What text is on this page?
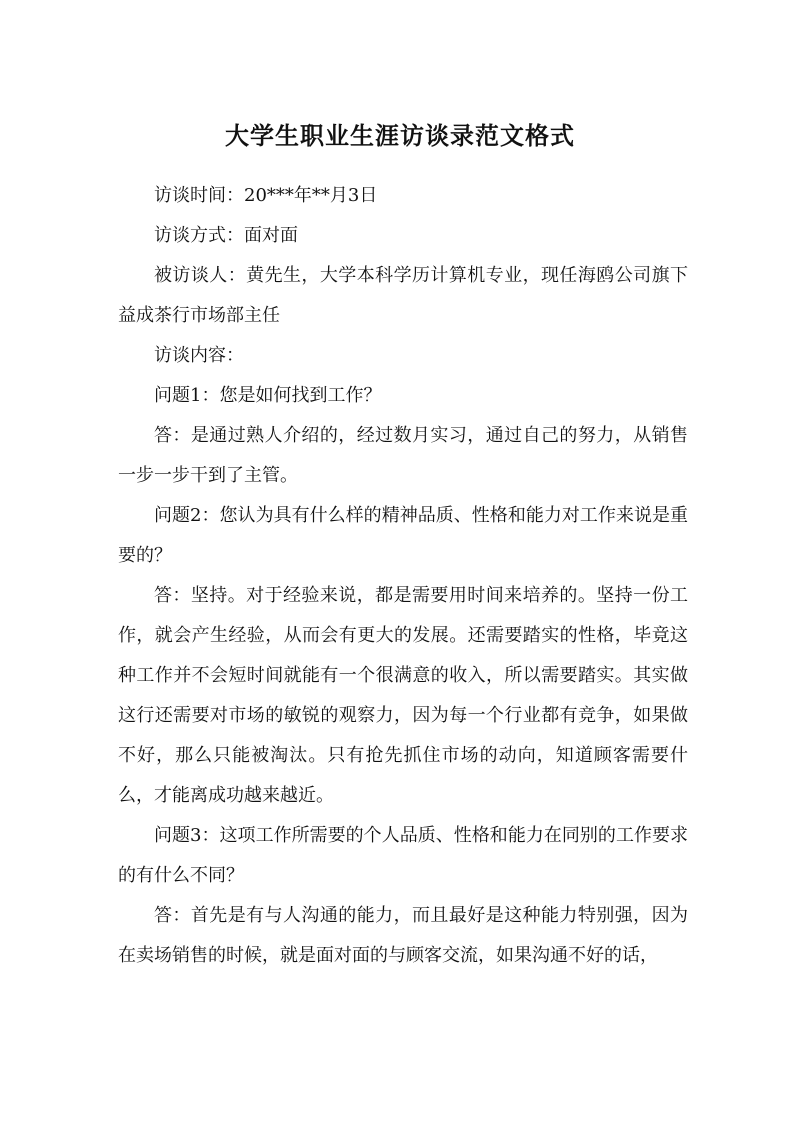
大学生职业生涯访谈录范文格式

访谈时间：20***年**月3日

访谈方式：面对面

被访谈人：黄先生，大学本科学历计算机专业，现任海鸥公司旗下益成茶行市场部主任

访谈内容：

问题1：您是如何找到工作？

答：是通过熟人介绍的，经过数月实习，通过自己的努力，从销售一步一步干到了主管。

问题2：您认为具有什么样的精神品质、性格和能力对工作来说是重要的？

答：坚持。对于经验来说，都是需要用时间来培养的。坚持一份工作，就会产生经验，从而会有更大的发展。还需要踏实的性格，毕竟这种工作并不会短时间就能有一个很满意的收入，所以需要踏实。其实做这行还需要对市场的敏锐的观察力，因为每一个行业都有竞争，如果做不好，那么只能被淘汰。只有抢先抓住市场的动向，知道顾客需要什么，才能离成功越来越近。

问题3：这项工作所需要的个人品质、性格和能力在同别的工作要求的有什么不同？

答：首先是有与人沟通的能力，而且最好是这种能力特别强，因为在卖场销售的时候，就是面对面的与顾客交流，如果沟通不好的话，
